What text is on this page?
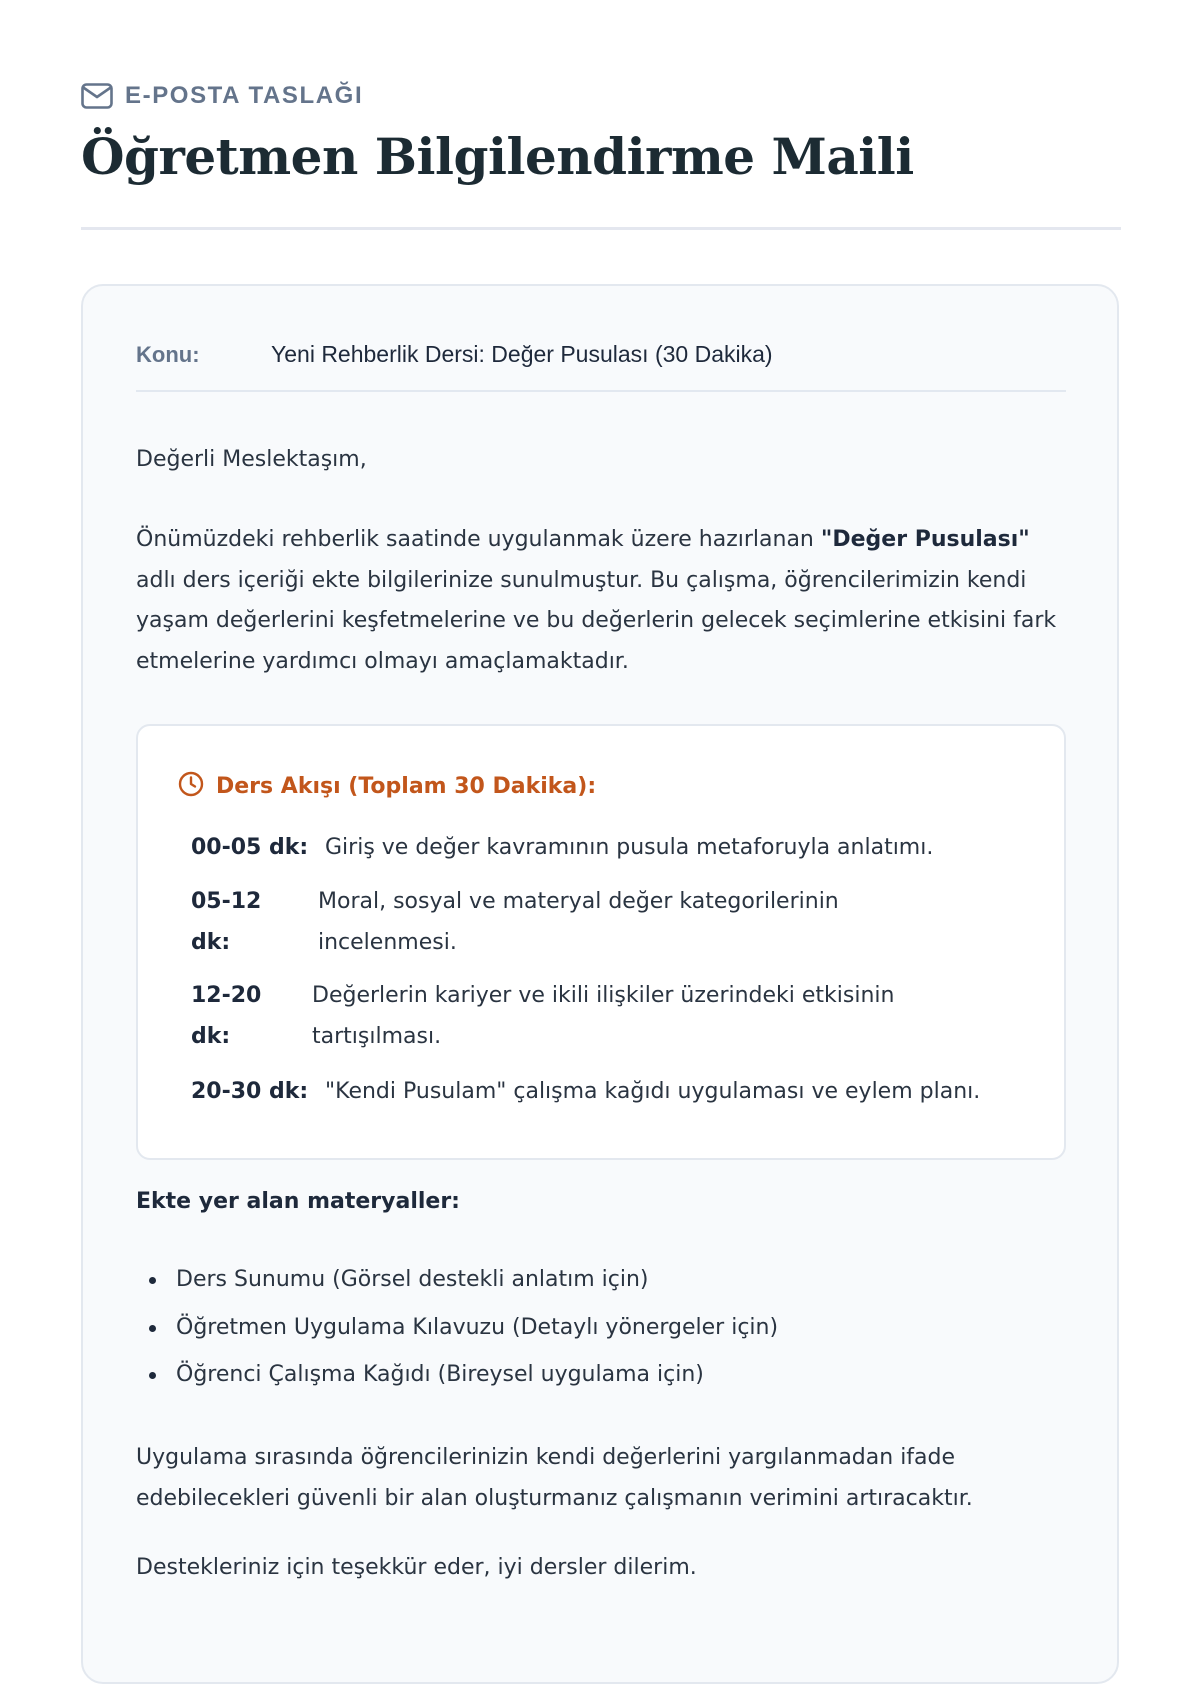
E-POSTA TASLAĞI
Öğretmen Bilgilendirme Maili
Konu:	Yeni Rehberlik Dersi: Değer Pusulası (30 Dakika)

Değerli Meslektaşım,

Önümüzdeki rehberlik saatinde uygulanmak üzere hazırlanan "Değer Pusulası" adlı ders içeriği ekte bilgilerinize sunulmuştur. Bu çalışma, öğrencilerimizin kendi yaşam değerlerini keşfetmelerine ve bu değerlerin gelecek seçimlerine etkisini fark etmelerine yardımcı olmayı amaçlamaktadır.

Ders Akışı (Toplam 30 Dakika):
00-05 dk: Giriş ve değer kavramının pusula metaforuyla anlatımı.
05-12 dk:
Moral, sosyal ve materyal değer kategorilerinin incelenmesi.
12-20 dk:
Değerlerin kariyer ve ikili ilişkiler üzerindeki etkisinin tartışılması.
20-30 dk: "Kendi Pusulam" çalışma kağıdı uygulaması ve eylem planı.
Ekte yer alan materyaller:
Ders Sunumu (Görsel destekli anlatım için)
Öğretmen Uygulama Kılavuzu (Detaylı yönergeler için)
Öğrenci Çalışma Kağıdı (Bireysel uygulama için)

Uygulama sırasında öğrencilerinizin kendi değerlerini yargılanmadan ifade edebilecekleri güvenli bir alan oluşturmanız çalışmanın verimini artıracaktır.

Destekleriniz için teşekkür eder, iyi dersler dilerim.
